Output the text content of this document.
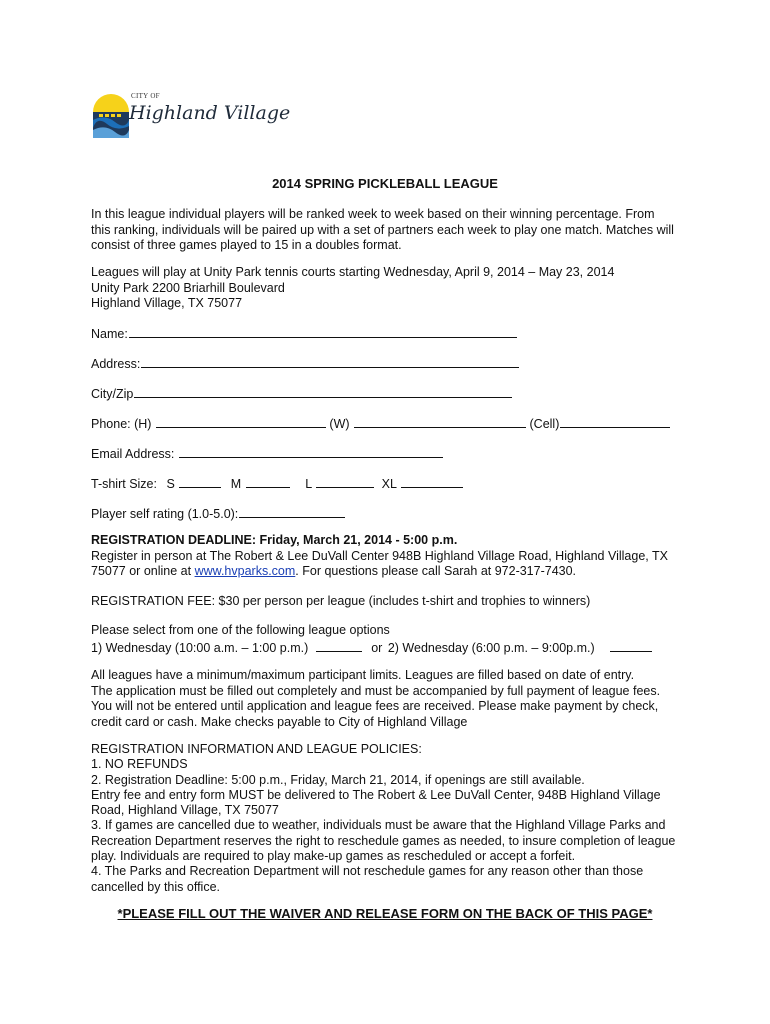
CITY OF
Highland Village
2014 SPRING PICKLEBALL LEAGUE
In this league individual players will be ranked week to week based on their winning percentage. From
this ranking, individuals will be paired up with a set of partners each week to play one match. Matches will
consist of three games played to 15 in a doubles format.
Leagues will play at Unity Park tennis courts starting Wednesday, April 9, 2014 – May 23, 2014
Unity Park 2200 Briarhill Boulevard
Highland Village, TX 75077
Name:
Address:
City/Zip
Phone: (H)	(W)	(Cell)
Email Address:
T-shirt Size: S	M	L	XL
Player self rating (1.0-5.0):
REGISTRATION DEADLINE: Friday, March 21, 2014 - 5:00 p.m.
Register in person at The Robert & Lee DuVall Center 948B Highland Village Road, Highland Village, TX
75077 or online at www.hvparks.com. For questions please call Sarah at 972-317-7430.
REGISTRATION FEE: $30 per person per league (includes t-shirt and trophies to winners)
Please select from one of the following league options
1) Wednesday (10:00 a.m. – 1:00 p.m.)	or 2) Wednesday (6:00 p.m. – 9:00p.m.)
All leagues have a minimum/maximum participant limits. Leagues are filled based on date of entry.
The application must be filled out completely and must be accompanied by full payment of league fees.
You will not be entered until application and league fees are received. Please make payment by check,
credit card or cash. Make checks payable to City of Highland Village
REGISTRATION INFORMATION AND LEAGUE POLICIES:
1. NO REFUNDS
2. Registration Deadline: 5:00 p.m., Friday, March 21, 2014, if openings are still available.
Entry fee and entry form MUST be delivered to The Robert & Lee DuVall Center, 948B Highland Village
Road, Highland Village, TX 75077
3. If games are cancelled due to weather, individuals must be aware that the Highland Village Parks and
Recreation Department reserves the right to reschedule games as needed, to insure completion of league
play. Individuals are required to play make-up games as rescheduled or accept a forfeit.
4. The Parks and Recreation Department will not reschedule games for any reason other than those
cancelled by this office.
*PLEASE FILL OUT THE WAIVER AND RELEASE FORM ON THE BACK OF THIS PAGE*
